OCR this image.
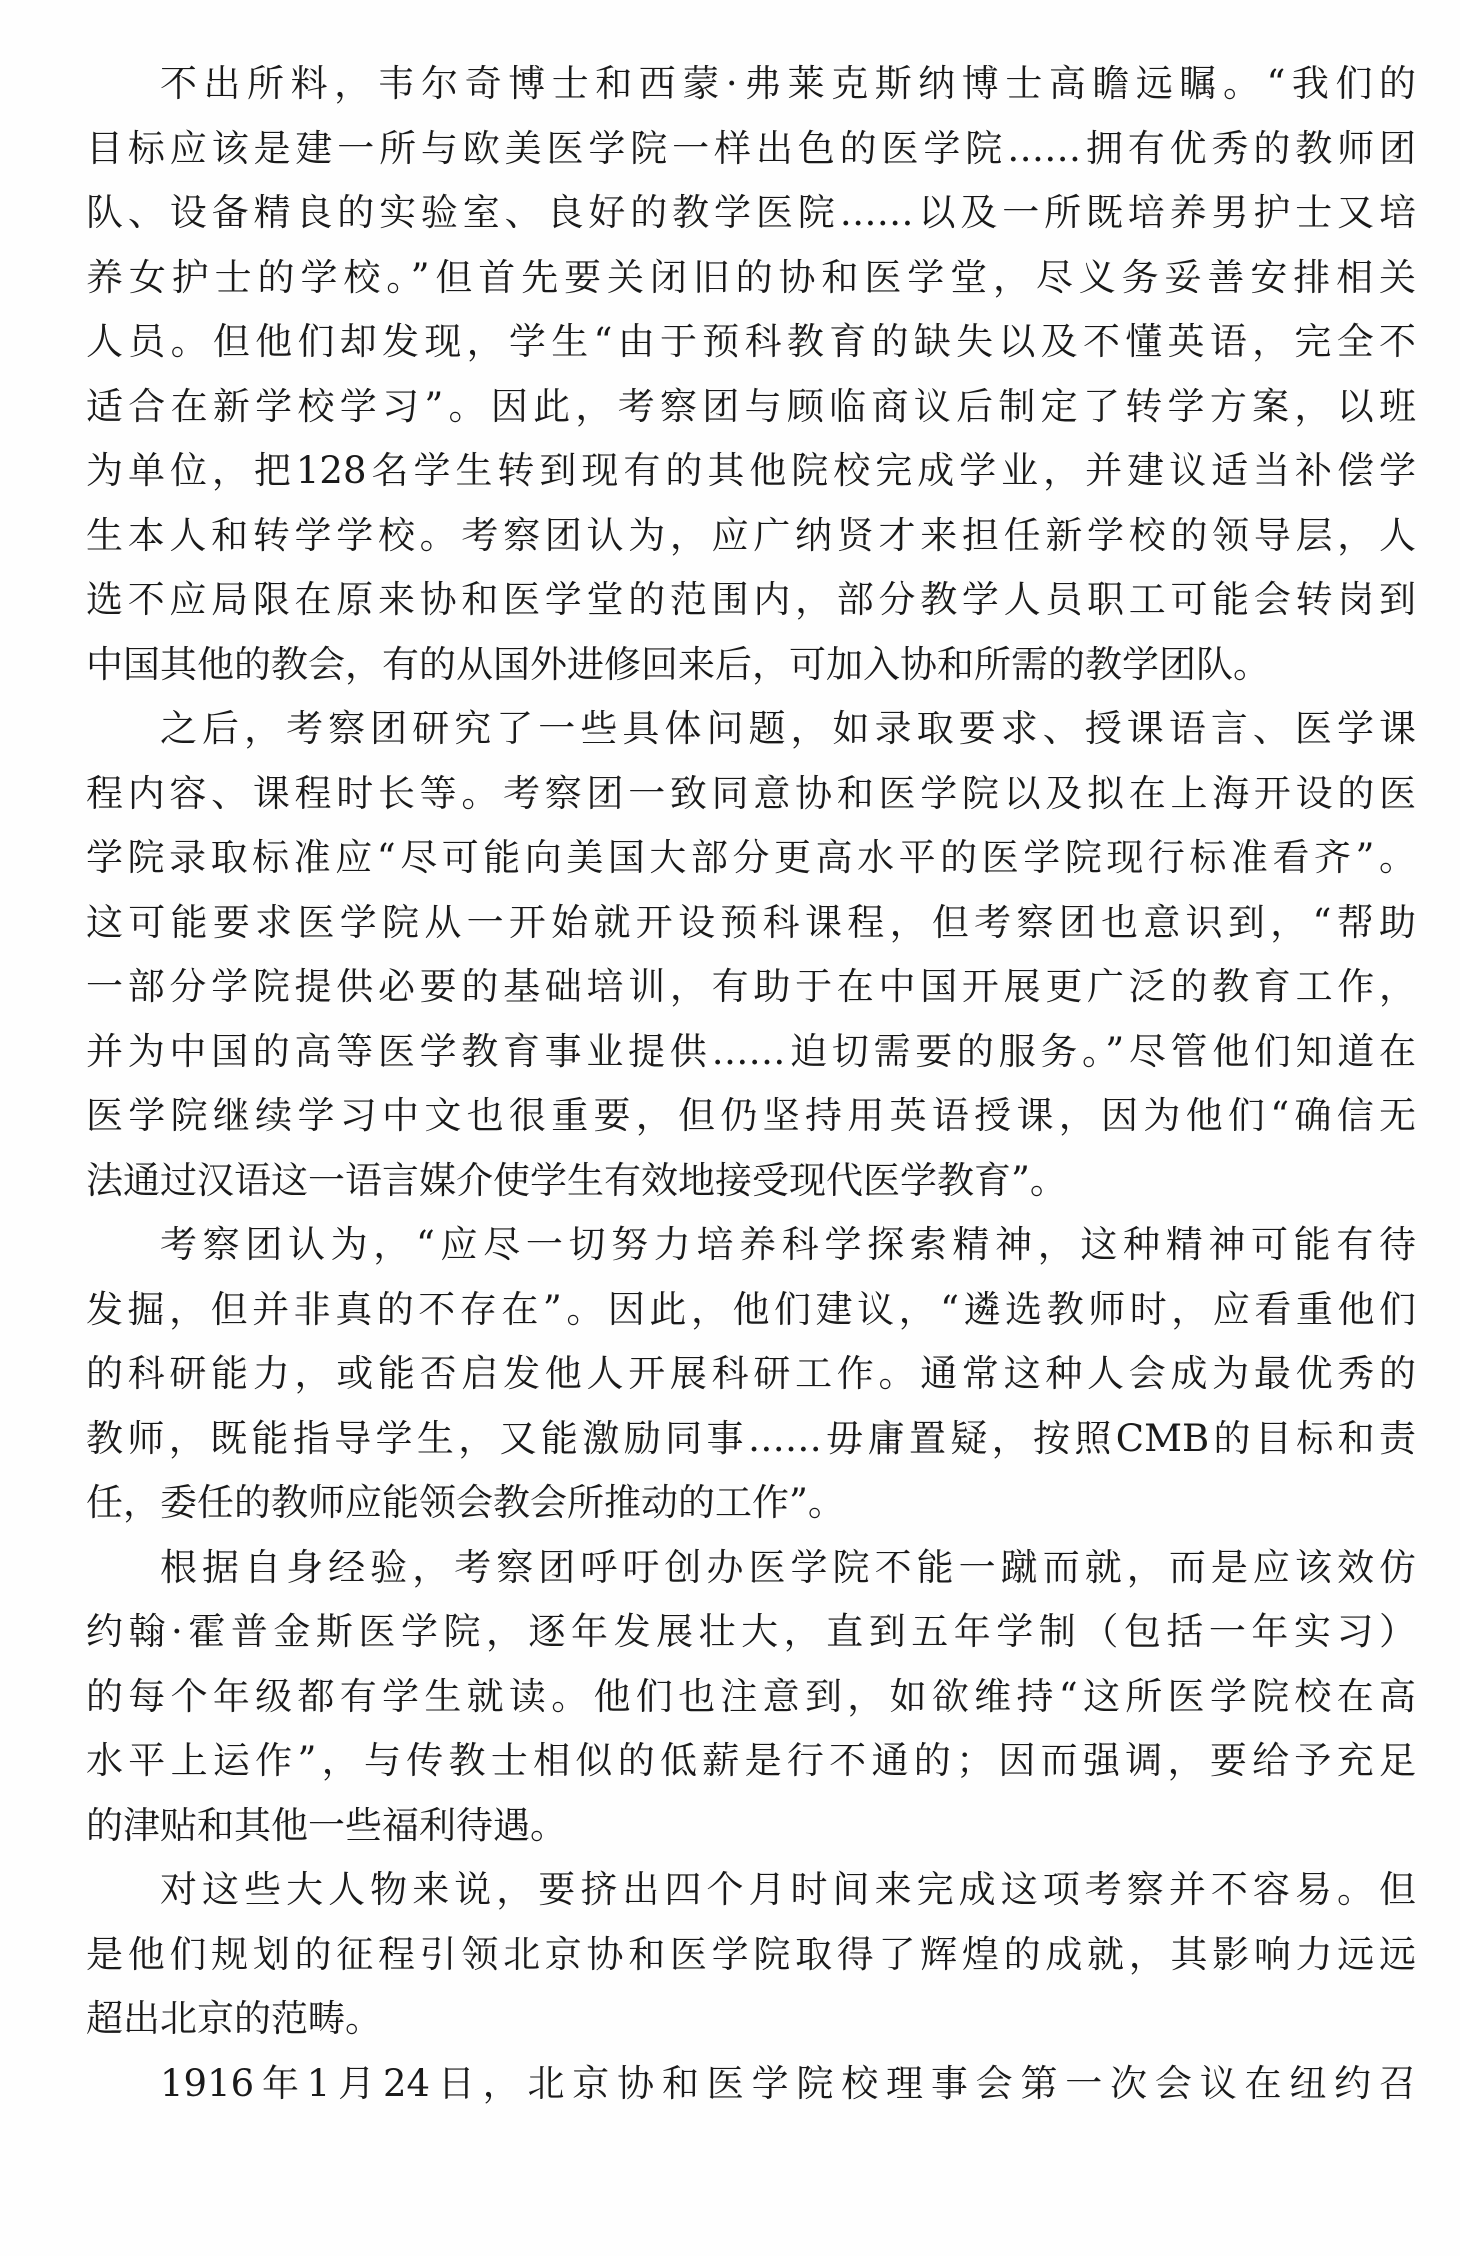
不出所料，韦尔奇博士和西蒙·弗莱克斯纳博士高瞻远瞩。“我们的
目标应该是建一所与欧美医学院一样出色的医学院……拥有优秀的教师团
队、设备精良的实验室、良好的教学医院……以及一所既培养男护士又培
养女护士的学校。”但首先要关闭旧的协和医学堂，尽义务妥善安排相关
人员。但他们却发现，学生“由于预科教育的缺失以及不懂英语，完全不
适合在新学校学习”。因此，考察团与顾临商议后制定了转学方案，以班
为单位，把128名学生转到现有的其他院校完成学业，并建议适当补偿学
生本人和转学学校。考察团认为，应广纳贤才来担任新学校的领导层，人
选不应局限在原来协和医学堂的范围内，部分教学人员职工可能会转岗到
中国其他的教会，有的从国外进修回来后，可加入协和所需的教学团队。
之后，考察团研究了一些具体问题，如录取要求、授课语言、医学课
程内容、课程时长等。考察团一致同意协和医学院以及拟在上海开设的医
学院录取标准应“尽可能向美国大部分更高水平的医学院现行标准看齐”。
这可能要求医学院从一开始就开设预科课程，但考察团也意识到，“帮助
一部分学院提供必要的基础培训，有助于在中国开展更广泛的教育工作，
并为中国的高等医学教育事业提供……迫切需要的服务。”尽管他们知道在
医学院继续学习中文也很重要，但仍坚持用英语授课，因为他们“确信无
法通过汉语这一语言媒介使学生有效地接受现代医学教育”。
考察团认为，“应尽一切努力培养科学探索精神，这种精神可能有待
发掘，但并非真的不存在”。因此，他们建议，“遴选教师时，应看重他们
的科研能力，或能否启发他人开展科研工作。通常这种人会成为最优秀的
教师，既能指导学生，又能激励同事……毋庸置疑，按照CMB的目标和责
任，委任的教师应能领会教会所推动的工作”。
根据自身经验，考察团呼吁创办医学院不能一蹴而就，而是应该效仿
约翰·霍普金斯医学院，逐年发展壮大，直到五年学制（包括一年实习）
的每个年级都有学生就读。他们也注意到，如欲维持“这所医学院校在高
水平上运作”，与传教士相似的低薪是行不通的；因而强调，要给予充足
的津贴和其他一些福利待遇。
对这些大人物来说，要挤出四个月时间来完成这项考察并不容易。但
是他们规划的征程引领北京协和医学院取得了辉煌的成就，其影响力远远
超出北京的范畴。
1916年1月24日，北京协和医学院校理事会第一次会议在纽约召
